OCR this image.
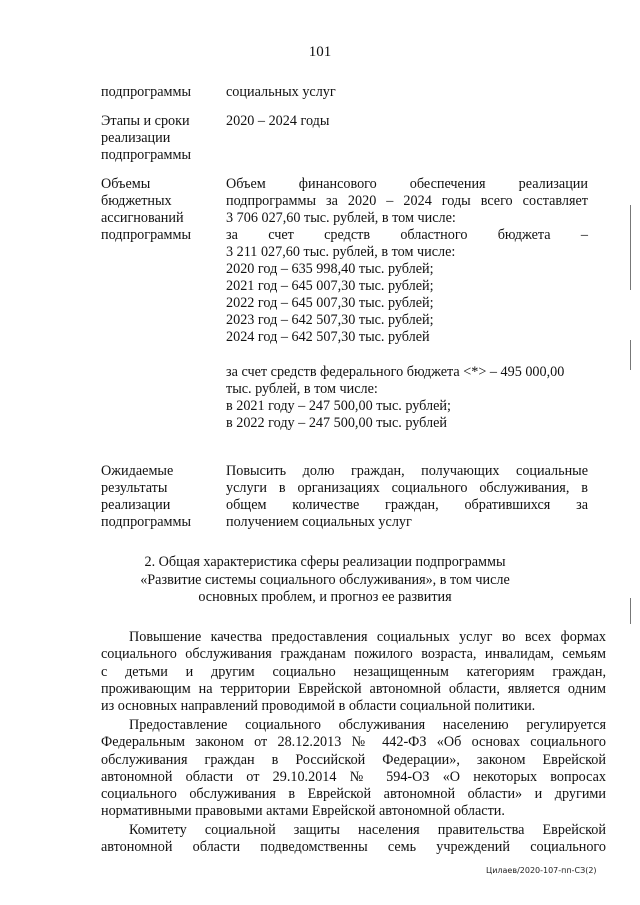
101
подпрограммы	социальных услуг
Этапы и сроки
реализации
подпрограммы
2020 – 2024 годы
Объемы
бюджетных
ассигнований
подпрограммы
Объем финансового обеспечения реализации
подпрограммы за 2020 – 2024 годы всего составляет
3 706 027,60 тыс. рублей, в том числе:
за счет средств областного бюджета –
3 211 027,60 тыс. рублей, в том числе:
2020 год – 635 998,40 тыс. рублей;
2021 год – 645 007,30 тыс. рублей;
2022 год – 645 007,30 тыс. рублей;
2023 год – 642 507,30 тыс. рублей;
2024 год – 642 507,30 тыс. рублей
за счет средств федерального бюджета <*> – 495 000,00
тыс. рублей, в том числе:
в 2021 году – 247 500,00 тыс. рублей;
в 2022 году – 247 500,00 тыс. рублей
Ожидаемые
результаты
реализации
подпрограммы
Повысить долю граждан, получающих социальные
услуги в организациях социального обслуживания, в
общем количестве граждан, обратившихся за
получением социальных услуг
2. Общая характеристика сферы реализации подпрограммы
«Развитие системы социального обслуживания», в том числе
основных проблем, и прогноз ее развития
Повышение качества предоставления социальных услуг во всех формах
социального обслуживания гражданам пожилого возраста, инвалидам, семьям
с детьми и другим социально незащищенным категориям граждан,
проживающим на территории Еврейской автономной области, является одним
из основных направлений проводимой в области социальной политики.
Предоставление социального обслуживания населению регулируется
Федеральным законом от 28.12.2013 № 442-ФЗ «Об основах социального
обслуживания граждан в Российской Федерации», законом Еврейской
автономной области от 29.10.2014 № 594-ОЗ «О некоторых вопросах
социального обслуживания в Еврейской автономной области» и другими
нормативными правовыми актами Еврейской автономной области.
Комитету социальной защиты населения правительства Еврейской
автономной области подведомственны семь учреждений социального
Цилаев/2020-107-пп-СЗ(2)
